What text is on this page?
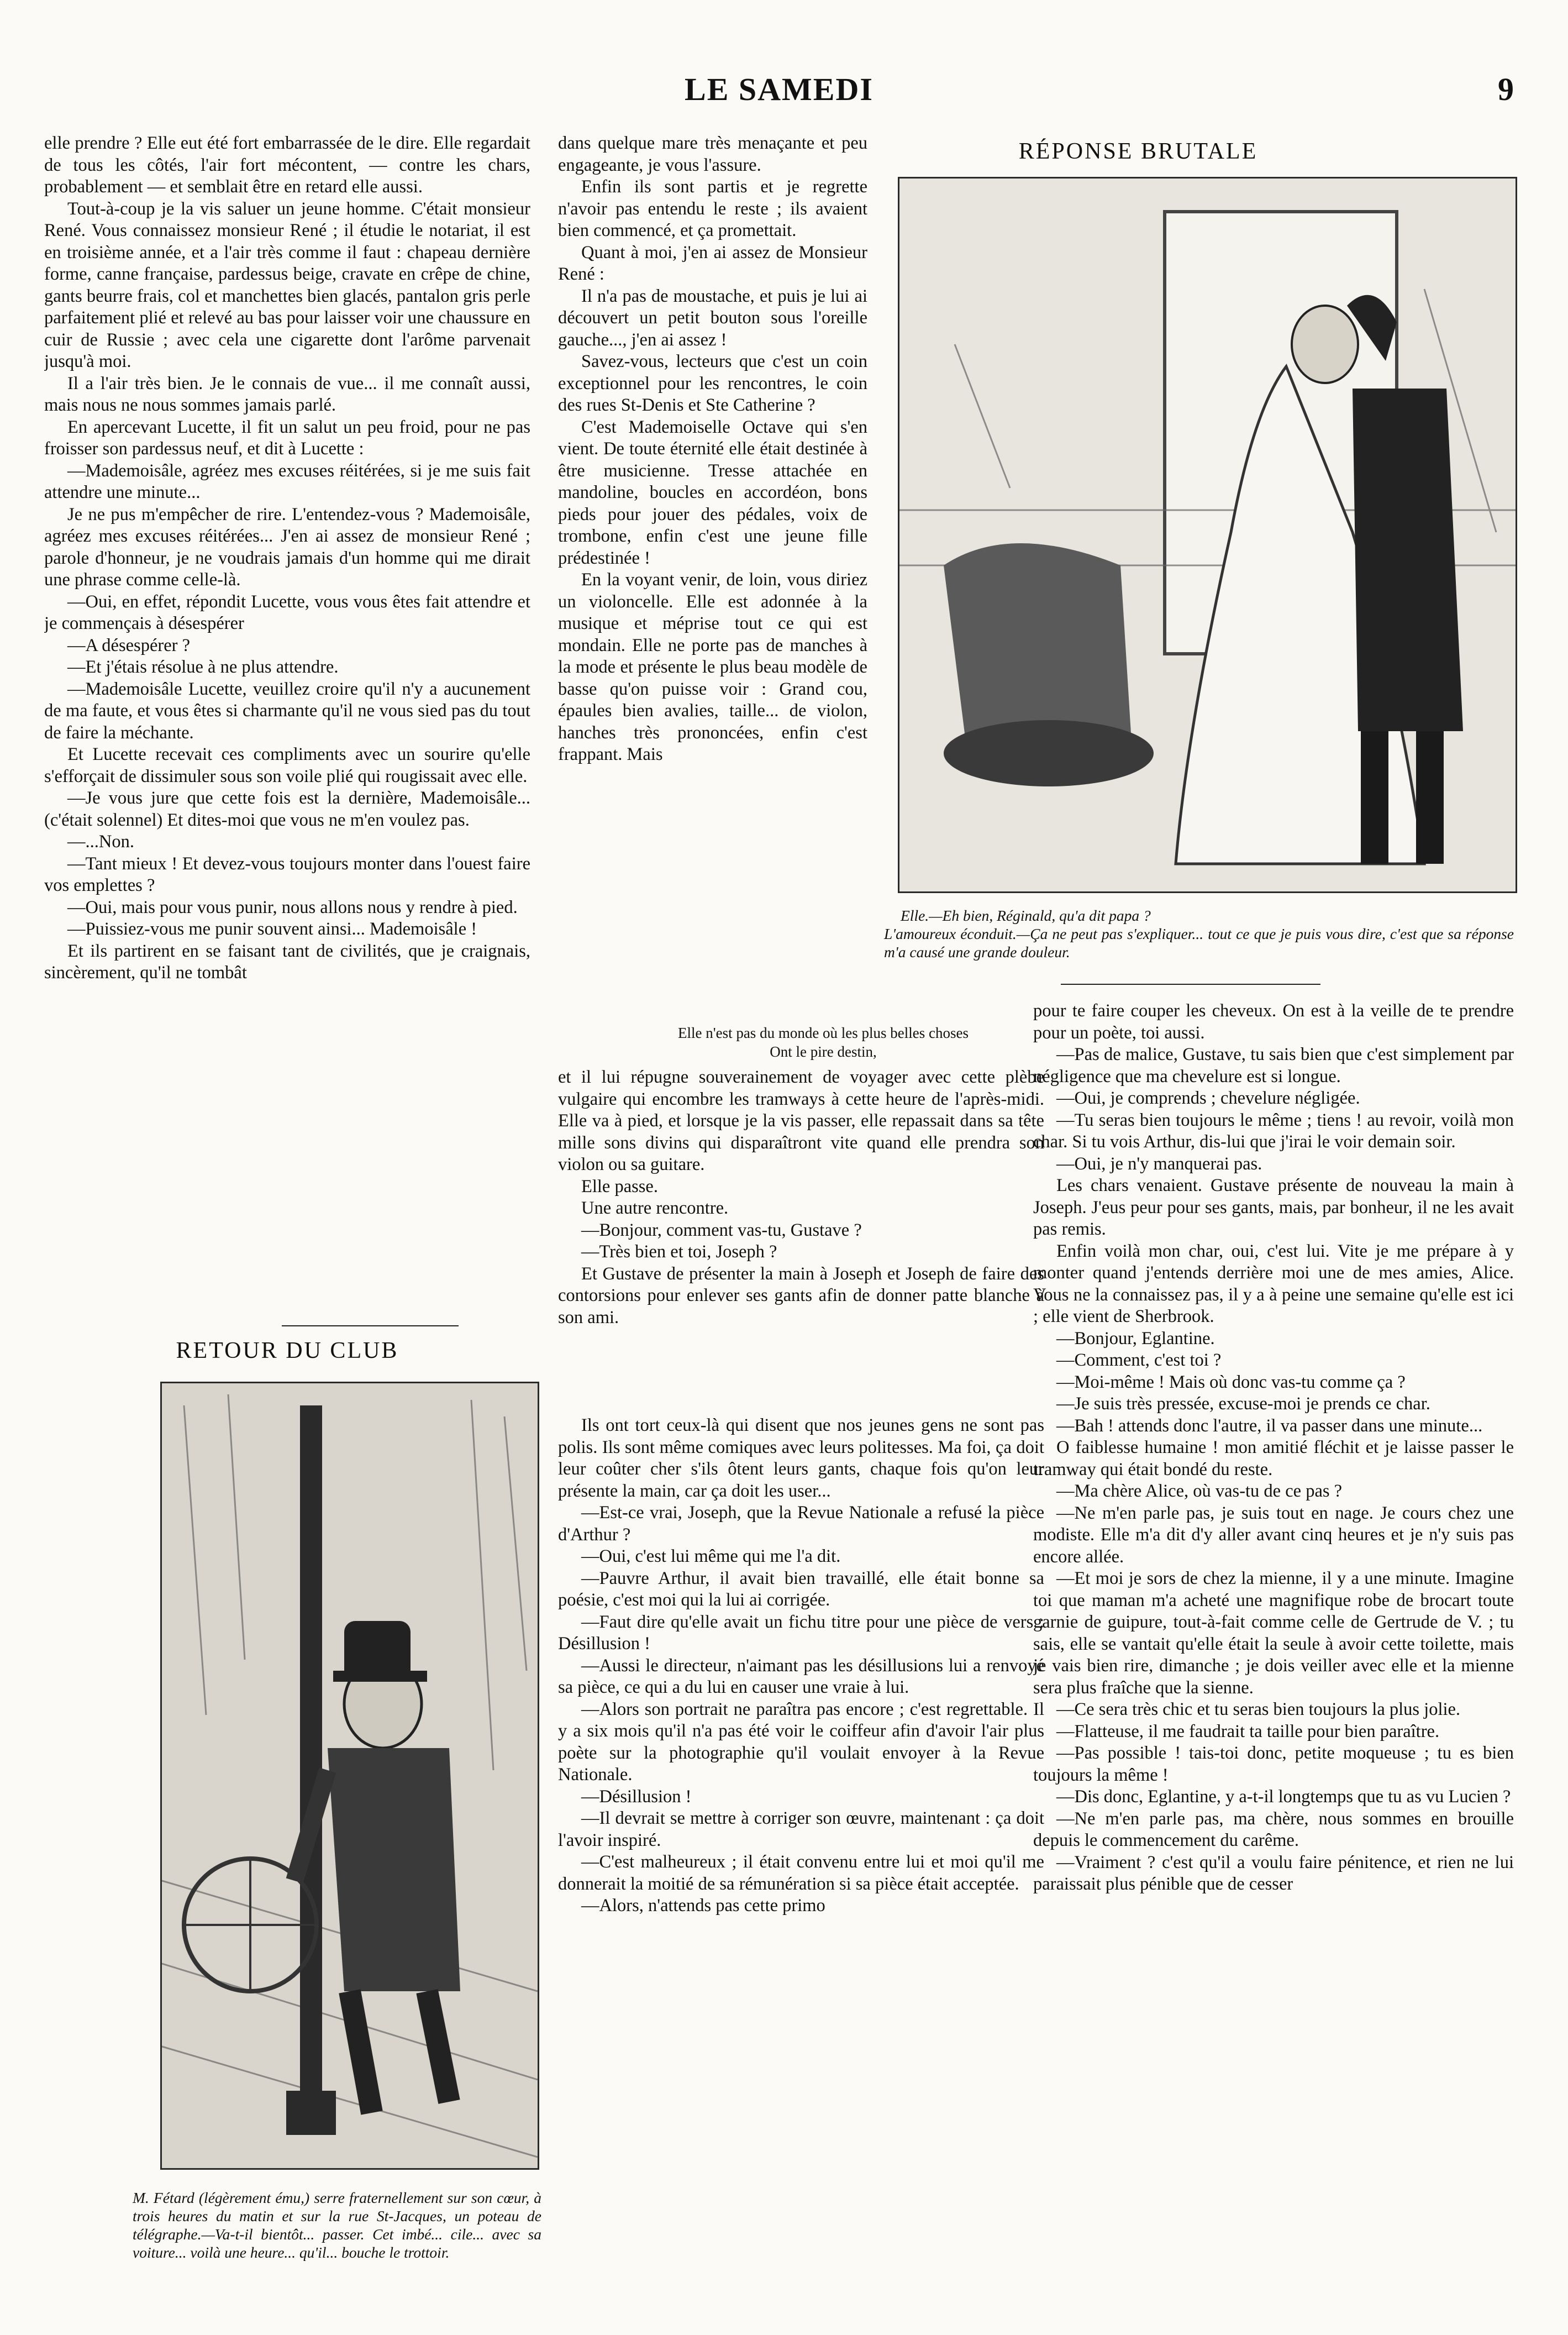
LE SAMEDI	9

elle prendre ? Elle eut été fort embarrassée de le dire. Elle regardait de tous les côtés, l'air fort mécontent, — contre les chars, probablement — et semblait être en retard elle aussi.

Tout-à-coup je la vis saluer un jeune homme. C'était monsieur René. Vous connaissez monsieur René ; il étudie le notariat, il est en troisième année, et a l'air très comme il faut : chapeau dernière forme, canne française, pardessus beige, cravate en crêpe de chine, gants beurre frais, col et manchettes bien glacés, pantalon gris perle parfaitement plié et relevé au bas pour laisser voir une chaussure en cuir de Russie ; avec cela une cigarette dont l'arôme parvenait jusqu'à moi.

Il a l'air très bien. Je le connais de vue... il me connaît aussi, mais nous ne nous sommes jamais parlé.

En apercevant Lucette, il fit un salut un peu froid, pour ne pas froisser son pardessus neuf, et dit à Lucette :

—Mademoisâle, agréez mes excuses réitérées, si je me suis fait attendre une minute...

Je ne pus m'empêcher de rire. L'entendez-vous ? Mademoisâle, agréez mes excuses réitérées... J'en ai assez de monsieur René ; parole d'honneur, je ne voudrais jamais d'un homme qui me dirait une phrase comme celle-là.

—Oui, en effet, répondit Lucette, vous vous êtes fait attendre et je commençais à désespérer

—A désespérer ?

—Et j'étais résolue à ne plus attendre.

—Mademoisâle Lucette, veuillez croire qu'il n'y a aucunement de ma faute, et vous êtes si charmante qu'il ne vous sied pas du tout de faire la méchante.

Et Lucette recevait ces compliments avec un sourire qu'elle s'efforçait de dissimuler sous son voile plié qui rougissait avec elle.

—Je vous jure que cette fois est la dernière, Mademoisâle... (c'était solennel) Et dites-moi que vous ne m'en voulez pas.

—...Non.

—Tant mieux ! Et devez-vous toujours monter dans l'ouest faire vos emplettes ?

—Oui, mais pour vous punir, nous allons nous y rendre à pied.

—Puissiez-vous me punir souvent ainsi... Mademoisâle !

Et ils partirent en se faisant tant de civilités, que je craignais, sincèrement, qu'il ne tombât

RETOUR DU CLUB
M. Fétard (légèrement ému,) serre fraternellement sur son cœur, à trois heures du matin et sur la rue St-Jacques, un poteau de télégraphe.—Va-t-il bientôt... passer. Cet imbé... cile... avec sa voiture... voilà une heure... qu'il... bouche le trottoir.

dans quelque mare très menaçante et peu engageante, je vous l'assure.

Enfin ils sont partis et je regrette n'avoir pas entendu le reste ; ils avaient bien commencé, et ça promettait.

Quant à moi, j'en ai assez de Monsieur René :

Il n'a pas de moustache, et puis je lui ai découvert un petit bouton sous l'oreille gauche..., j'en ai assez !

Savez-vous, lecteurs que c'est un coin exceptionnel pour les rencontres, le coin des rues St-Denis et Ste Catherine ?

C'est Mademoiselle Octave qui s'en vient. De toute éternité elle était destinée à être musicienne. Tresse attachée en mandoline, boucles en accordéon, bons pieds pour jouer des pédales, voix de trombone, enfin c'est une jeune fille prédestinée !

En la voyant venir, de loin, vous diriez un violoncelle. Elle est adonnée à la musique et méprise tout ce qui est mondain. Elle ne porte pas de manches à la mode et présente le plus beau modèle de basse qu'on puisse voir : Grand cou, épaules bien avalies, taille... de violon, hanches très prononcées, enfin c'est frappant. Mais

Elle n'est pas du monde où les plus belles choses
Ont le pire destin,

et il lui répugne souverainement de voyager avec cette plèbe vulgaire qui encombre les tramways à cette heure de l'après-midi. Elle va à pied, et lorsque je la vis passer, elle repassait dans sa tête mille sons divins qui disparaîtront vite quand elle prendra son violon ou sa guitare.

Elle passe.

Une autre rencontre.

—Bonjour, comment vas-tu, Gustave ?

—Très bien et toi, Joseph ?

Et Gustave de présenter la main à Joseph et Joseph de faire des contorsions pour enlever ses gants afin de donner patte blanche à son ami.

RÉPONSE BRUTALE
Elle.—Eh bien, Réginald, qu'a dit papa ?
L'amoureux éconduit.—Ça ne peut pas s'expliquer... tout ce que je puis vous dire, c'est que sa réponse m'a causé une grande douleur.

Ils ont tort ceux-là qui disent que nos jeunes gens ne sont pas polis. Ils sont même comiques avec leurs politesses. Ma foi, ça doit leur coûter cher s'ils ôtent leurs gants, chaque fois qu'on leur présente la main, car ça doit les user...

—Est-ce vrai, Joseph, que la Revue Nationale a refusé la pièce d'Arthur ?

—Oui, c'est lui même qui me l'a dit.

—Pauvre Arthur, il avait bien travaillé, elle était bonne sa poésie, c'est moi qui la lui ai corrigée.

—Faut dire qu'elle avait un fichu titre pour une pièce de vers : Désillusion !

—Aussi le directeur, n'aimant pas les désillusions lui a renvoyé sa pièce, ce qui a du lui en causer une vraie à lui.

—Alors son portrait ne paraîtra pas encore ; c'est regrettable. Il y a six mois qu'il n'a pas été voir le coiffeur afin d'avoir l'air plus poète sur la photographie qu'il voulait envoyer à la Revue Nationale.

—Désillusion !

—Il devrait se mettre à corriger son œuvre, maintenant : ça doit l'avoir inspiré.

—C'est malheureux ; il était convenu entre lui et moi qu'il me donnerait la moitié de sa rémunération si sa pièce était acceptée.

—Alors, n'attends pas cette primo

pour te faire couper les cheveux. On est à la veille de te prendre pour un poète, toi aussi.

—Pas de malice, Gustave, tu sais bien que c'est simplement par négligence que ma chevelure est si longue.

—Oui, je comprends ; chevelure négligée.

—Tu seras bien toujours le même ; tiens ! au revoir, voilà mon char. Si tu vois Arthur, dis-lui que j'irai le voir demain soir.

—Oui, je n'y manquerai pas.

Les chars venaient. Gustave présente de nouveau la main à Joseph. J'eus peur pour ses gants, mais, par bonheur, il ne les avait pas remis.

Enfin voilà mon char, oui, c'est lui. Vite je me prépare à y monter quand j'entends derrière moi une de mes amies, Alice. Vous ne la connaissez pas, il y a à peine une semaine qu'elle est ici ; elle vient de Sherbrook.

—Bonjour, Eglantine.

—Comment, c'est toi ?

—Moi-même ! Mais où donc vas-tu comme ça ?

—Je suis très pressée, excuse-moi je prends ce char.

—Bah ! attends donc l'autre, il va passer dans une minute...

O faiblesse humaine ! mon amitié fléchit et je laisse passer le tramway qui était bondé du reste.

—Ma chère Alice, où vas-tu de ce pas ?

—Ne m'en parle pas, je suis tout en nage. Je cours chez une modiste. Elle m'a dit d'y aller avant cinq heures et je n'y suis pas encore allée.

—Et moi je sors de chez la mienne, il y a une minute. Imagine toi que maman m'a acheté une magnifique robe de brocart toute garnie de guipure, tout-à-fait comme celle de Gertrude de V. ; tu sais, elle se vantait qu'elle était la seule à avoir cette toilette, mais je vais bien rire, dimanche ; je dois veiller avec elle et la mienne sera plus fraîche que la sienne.

—Ce sera très chic et tu seras bien toujours la plus jolie.

—Flatteuse, il me faudrait ta taille pour bien paraître.

—Pas possible ! tais-toi donc, petite moqueuse ; tu es bien toujours la même !

—Dis donc, Eglantine, y a-t-il longtemps que tu as vu Lucien ?

—Ne m'en parle pas, ma chère, nous sommes en brouille depuis le commencement du carême.

—Vraiment ? c'est qu'il a voulu faire pénitence, et rien ne lui paraissait plus pénible que de cesser
